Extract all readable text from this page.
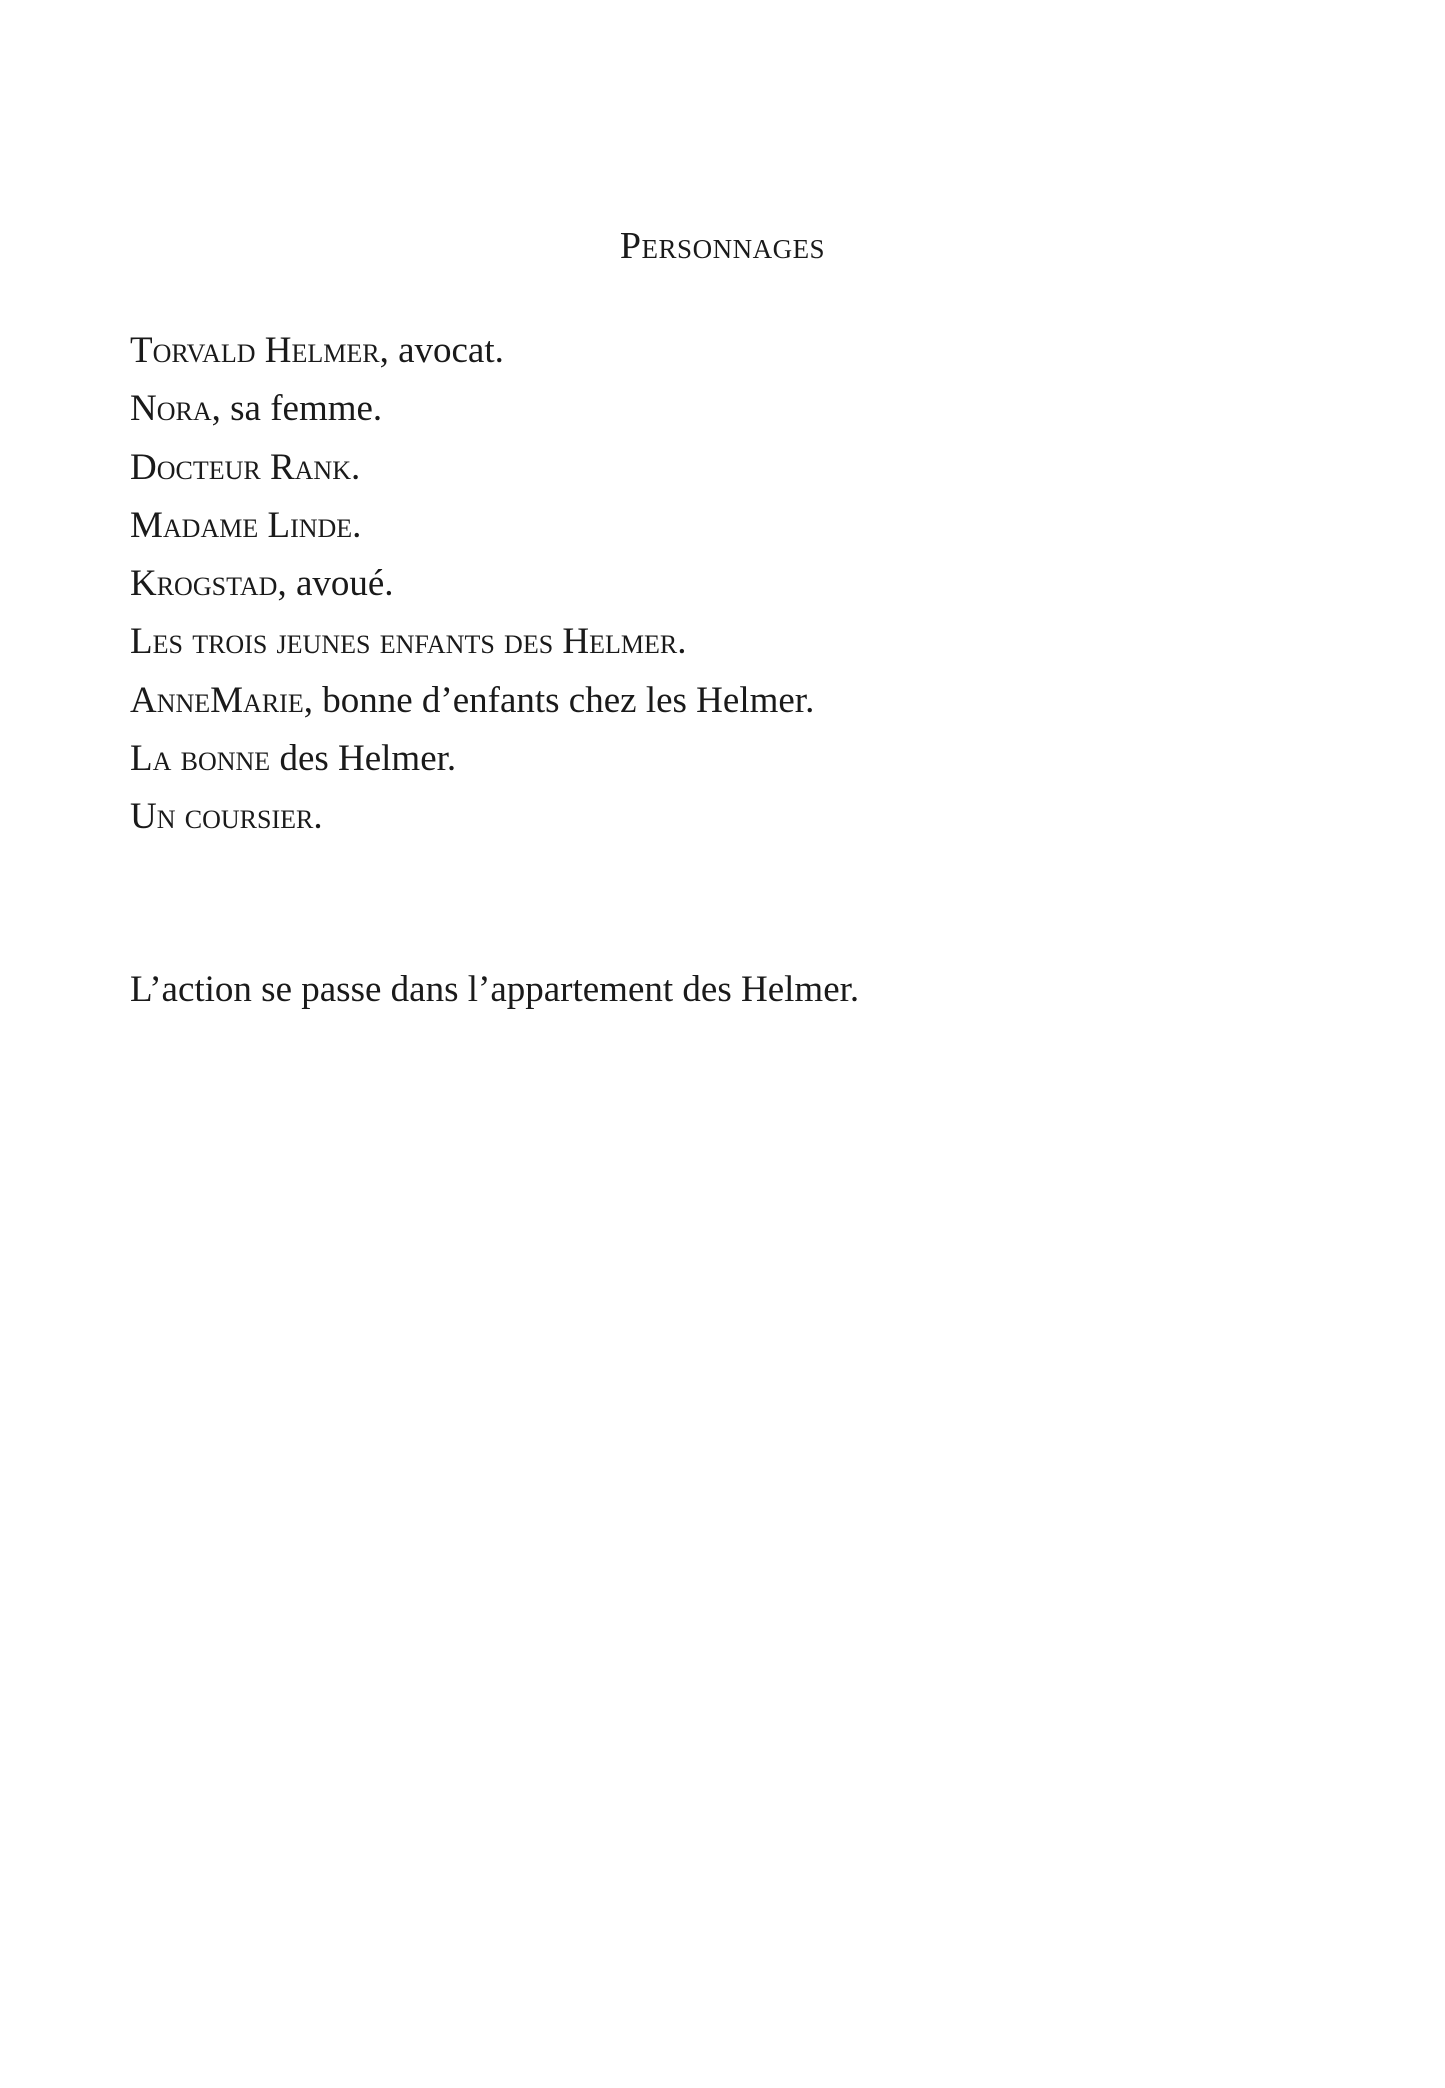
Personnages
Torvald Helmer, avocat.
Nora, sa femme.
Docteur Rank.
Madame Linde.
Krogstad, avoué.
Les trois jeunes enfants des Helmer.
AnneMarie, bonne d’enfants chez les Helmer.
La bonne des Helmer.
Un coursier.

L’action se passe dans l’appartement des Helmer.
